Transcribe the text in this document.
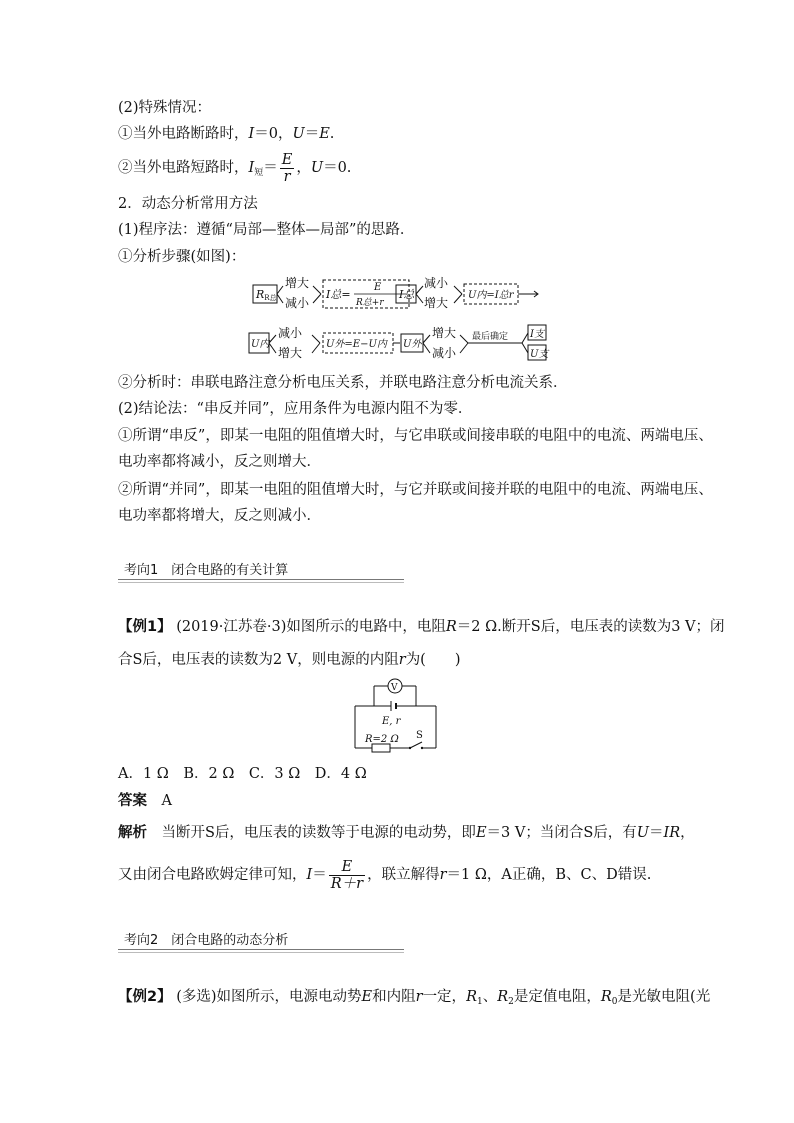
(2)特殊情况：
①当外电路断路时，I＝0，U＝E.
②当外电路短路时，$I_短= \frac{E}{r}$ ，U＝0.
2．动态分析常用方法
(1)程序法：遵循“局部—整体—局部”的思路．
①分析步骤(如图)：
RR总
增大
减小
I总=
E
R总+r
I总
减小
增大
U内=I总r
U内
减小
增大
U外=E−U内 U外
增大
减小
最后确定 I支
U支
②分析时：串联电路注意分析电压关系，并联电路注意分析电流关系．
(2)结论法：“串反并同”，应用条件为电源内阻不为零．
①所谓“串反”，即某一电阻的阻值增大时，与它串联或间接串联的电阻中的电流、两端电压、
电功率都将减小，反之则增大．
②所谓“并同”，即某一电阻的阻值增大时，与它并联或间接并联的电阻中的电流、两端电压、
电功率都将增大，反之则减小．
考向1　闭合电路的有关计算
【例1】 (2019·江苏卷·3)如图所示的电路中，电阻R＝2 Ω.断开S后，电压表的读数为3 V；闭
合S后，电压表的读数为2 V，则电源的内阻r为(　　)
V
E, r
R=2 Ω S
A．1 Ω　B．2 Ω　C．3 Ω　D．4 Ω
答案　 A
解析　当断开S后，电压表的读数等于电源的电动势，即E＝3 V；当闭合S后，有U＝IR，
又由闭合电路欧姆定律可知，$I= \frac{E}{R+r}$ ，联立解得r＝1 Ω，A正确，B、C、D错误.
考向2　闭合电路的动态分析
【例2】 (多选)如图所示，电源电动势E和内阻r一定，$R_1$、$R_2$是定值电阻，$R_0$是光敏电阻(光
